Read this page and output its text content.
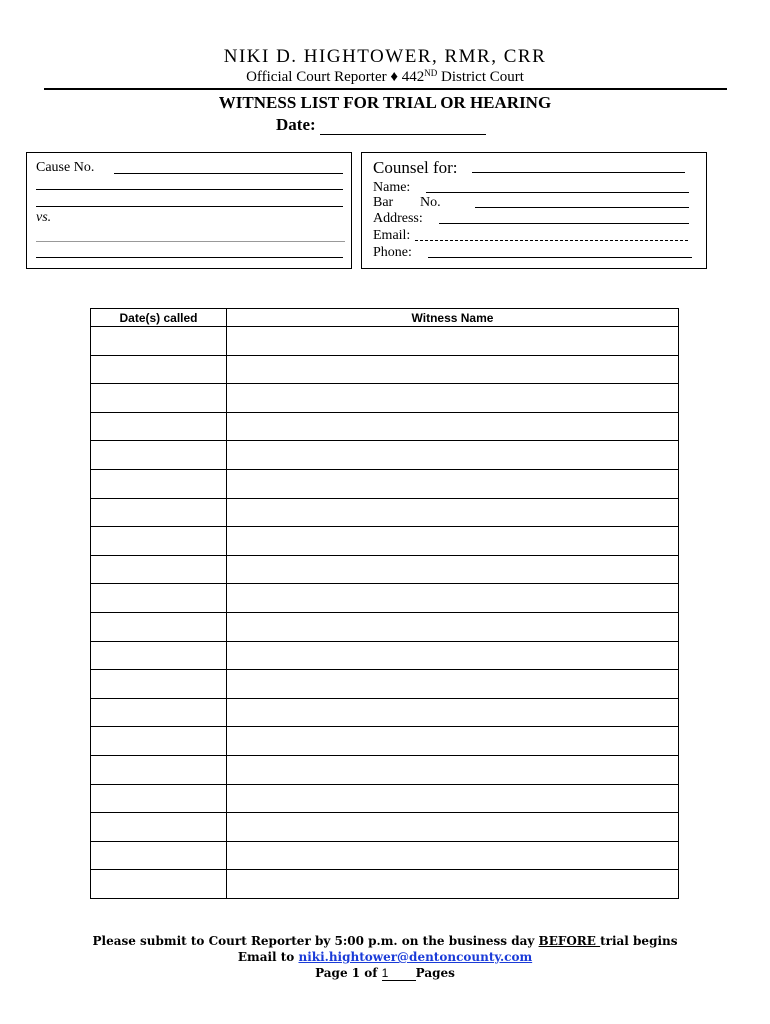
NIKI D. HIGHTOWER, RMR, CRR
Official Court Reporter ♦ 442ND District Court
WITNESS LIST FOR TRIAL OR HEARING
Date:
Cause No.
vs.
Counsel for:
Name:
Bar No.
Address:
Email:
Phone:
Date(s) called	Witness Name

Please submit to Court Reporter by 5:00 p.m. on the business day BEFORE trial begins
Email to niki.hightower@dentoncounty.com
Page 1 of 1 Pages
